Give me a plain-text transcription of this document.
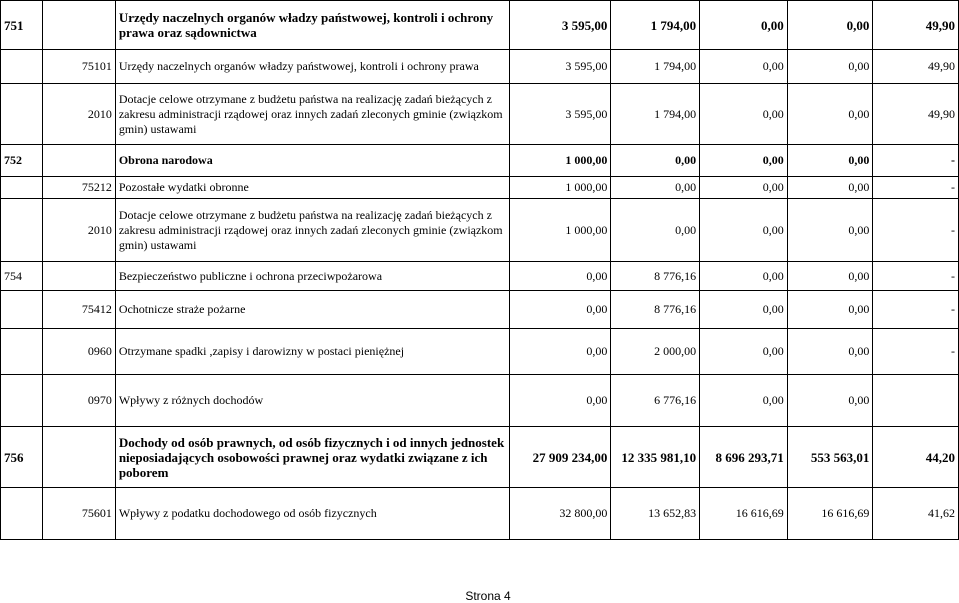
751		Urzędy naczelnych organów władzy państwowej, kontroli i ochrony prawa oraz sądownictwa	3 595,00	1 794,00	0,00	0,00	49,90
	75101	Urzędy naczelnych organów władzy państwowej, kontroli i ochrony prawa	3 595,00	1 794,00	0,00	0,00	49,90
	2010	Dotacje celowe otrzymane z budżetu państwa na realizację zadań bieżących z zakresu administracji rządowej oraz innych zadań zleconych gminie (związkom gmin) ustawami	3 595,00	1 794,00	0,00	0,00	49,90
752		Obrona narodowa	1 000,00	0,00	0,00	0,00	-
	75212	Pozostałe wydatki obronne	1 000,00	0,00	0,00	0,00	-
	2010	Dotacje celowe otrzymane z budżetu państwa na realizację zadań bieżących z zakresu administracji rządowej oraz innych zadań zleconych gminie (związkom gmin) ustawami	1 000,00	0,00	0,00	0,00	-
754		Bezpieczeństwo publiczne i ochrona przeciwpożarowa	0,00	8 776,16	0,00	0,00	-
	75412	Ochotnicze straże pożarne	0,00	8 776,16	0,00	0,00	-
	0960	Otrzymane spadki ,zapisy i darowizny w postaci pieniężnej	0,00	2 000,00	0,00	0,00	-
	0970	Wpływy z różnych dochodów	0,00	6 776,16	0,00	0,00	
756		Dochody od osób prawnych, od osób fizycznych i od innych jednostek nieposiadających osobowości prawnej oraz wydatki związane z ich poborem	27 909 234,00	12 335 981,10	8 696 293,71	553 563,01	44,20
	75601	Wpływy z podatku dochodowego od osób fizycznych	32 800,00	13 652,83	16 616,69	16 616,69	41,62
Strona 4
